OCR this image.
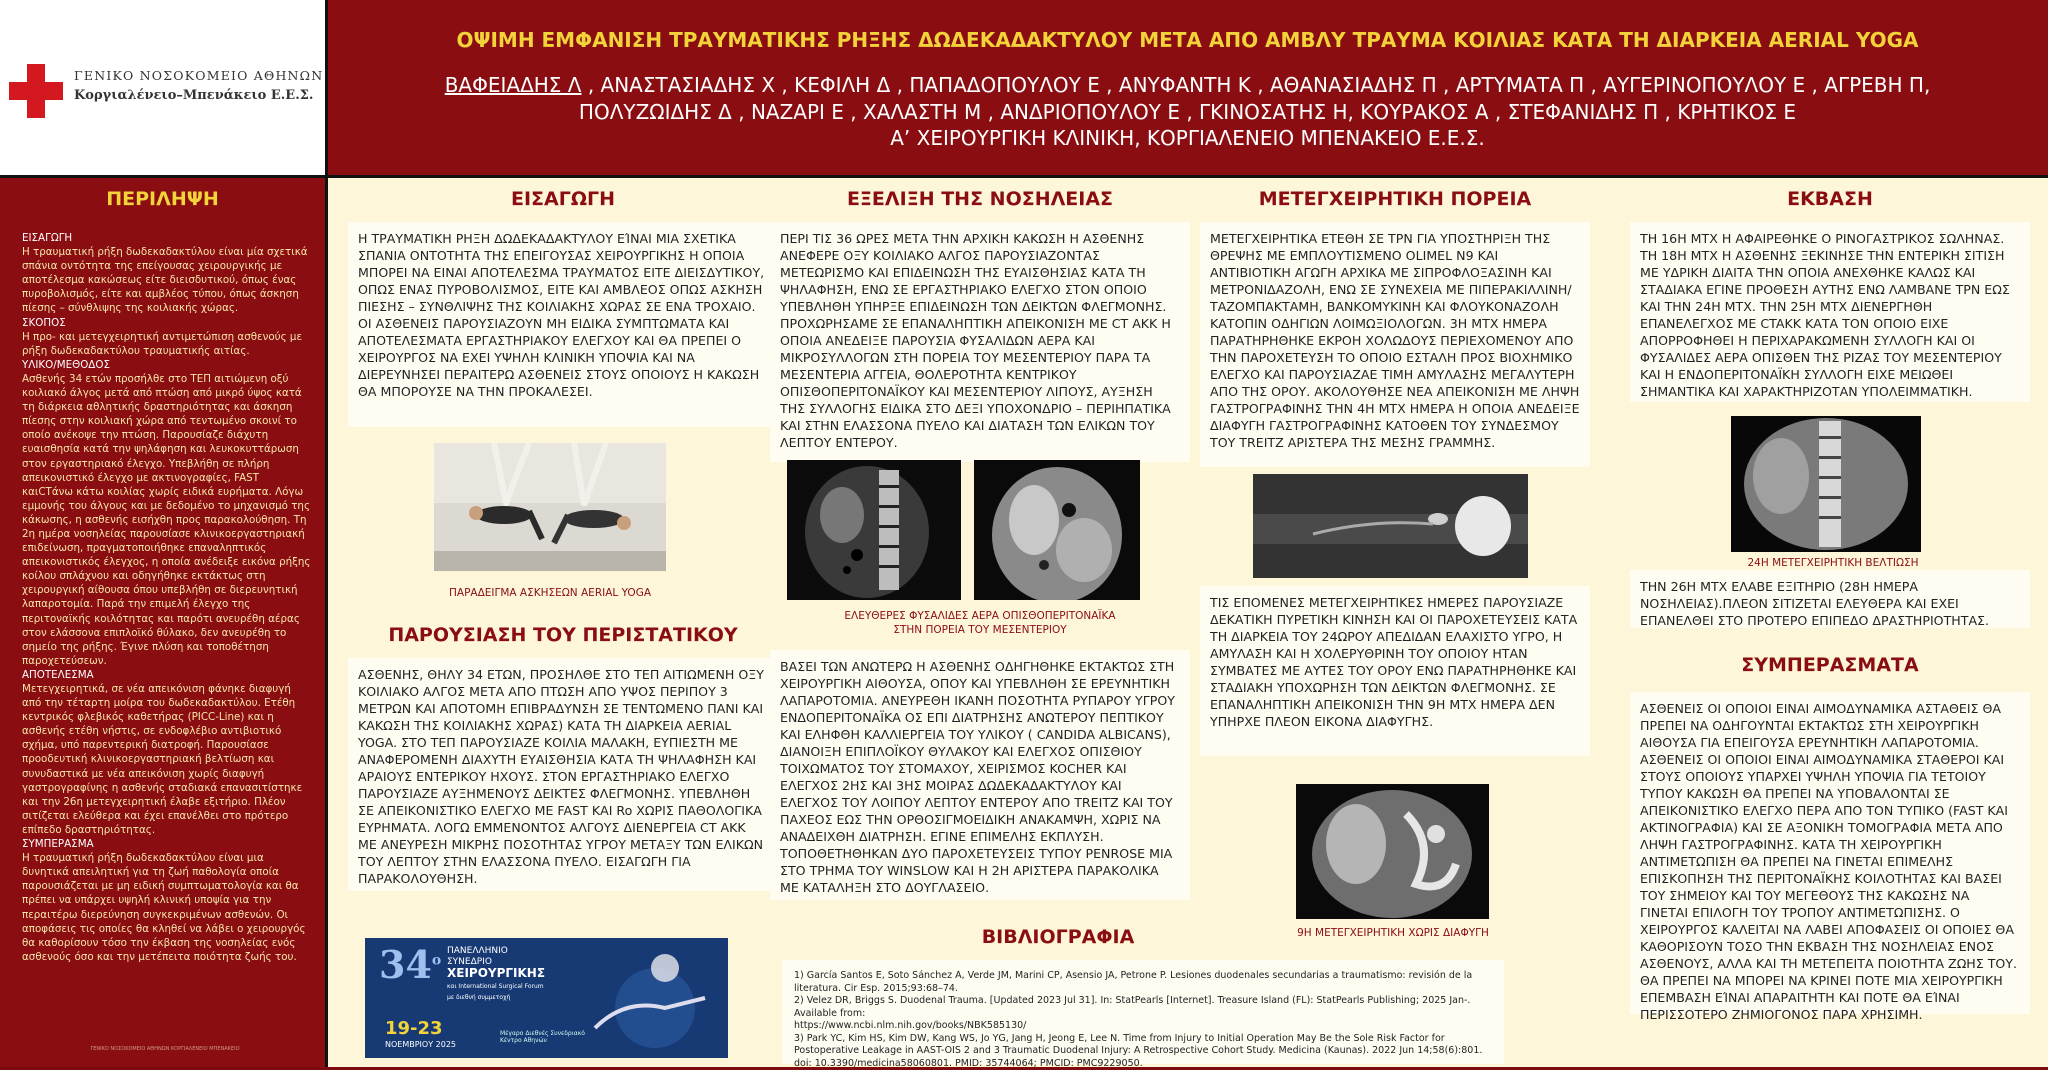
ΓΕΝΙΚΟ ΝΟΣΟΚΟΜΕΙΟ ΑΘΗΝΩΝ
Κοργιαλένειο–Μπενάκειο Ε.Ε.Σ.
ΟΨΙΜΗ ΕΜΦΑΝΙΣΗ ΤΡΑΥΜΑΤΙΚΗΣ ΡΗΞΗΣ ΔΩΔΕΚΑΔΑΚΤΥΛΟΥ ΜΕΤΑ ΑΠΟ ΑΜΒΛΥ ΤΡΑΥΜΑ ΚΟΙΛΙΑΣ ΚΑΤΑ ΤΗ ΔΙΑΡΚΕΙΑ AERIAL YOGA
ΒΑΦΕΙΑΔΗΣ Λ , ΑΝΑΣΤΑΣΙΑΔΗΣ Χ , ΚΕΦΙΛΗ Δ , ΠΑΠΑΔΟΠΟΥΛΟΥ Ε , ΑΝΥΦΑΝΤΗ Κ , ΑΘΑΝΑΣΙΑΔΗΣ Π , ΑΡΤΥΜΑΤΑ Π , ΑΥΓΕΡΙΝΟΠΟΥΛΟΥ Ε , ΑΓΡΕΒΗ Π,
ΠΟΛΥΖΩΙΔΗΣ Δ , ΝΑΖΑΡΙ Ε , ΧΑΛΑΣΤΗ Μ , ΑΝΔΡΙΟΠΟΥΛΟΥ Ε , ΓΚΙΝΟΣΑΤΗΣ Η, ΚΟΥΡΑΚΟΣ Α , ΣΤΕΦΑΝΙΔΗΣ Π , ΚΡΗΤΙΚΟΣ Ε
Α’ ΧΕΙΡΟΥΡΓΙΚΗ ΚΛΙΝΙΚΗ, ΚΟΡΓΙΑΛΕΝΕΙΟ ΜΠΕΝΑΚΕΙΟ Ε.Ε.Σ.
ΠΕΡΙΛΗΨΗ
ΕΙΣΑΓΩΓΗ
Η τραυματική ρήξη δωδεκαδακτύλου είναι μία σχετικά σπάνια οντότητα της επείγουσας χειρουργικής με αποτέλεσμα κακώσεως είτε διεισδυτικού, όπως ένας πυροβολισμός, είτε και αμβλέος τύπου, όπως άσκηση πίεσης – σύνθλιψης της κοιλιακής χώρας.
ΣΚΟΠΟΣ
Η προ- και μετεγχειρητική αντιμετώπιση ασθενούς με ρήξη δωδεκαδακτύλου τραυματικής αιτίας.
ΥΛΙΚΟ/ΜΕΘΟΔΟΣ
Ασθενής 34 ετών προσήλθε στο ΤΕΠ αιτιώμενη οξύ κοιλιακό άλγος μετά από πτώση από μικρό ύψος κατά τη διάρκεια αθλητικής δραστηριότητας και άσκηση πίεσης στην κοιλιακή χώρα από τεντωμένο σκοινί το οποίο ανέκοψε την πτώση. Παρουσίαζε διάχυτη ευαισθησία κατά την ψηλάφηση και λευκοκυττάρωση στον εργαστηριακό έλεγχο. Υπεβλήθη σε πλήρη απεικονιστικό έλεγχο με ακτινογραφίες, FAST καιCTάνω κάτω κοιλίας χωρίς ειδικά ευρήματα. Λόγω εμμονής του άλγους και με δεδομένο το μηχανισμό της κάκωσης, η ασθενής εισήχθη προς παρακολούθηση. Τη 2η ημέρα νοσηλείας παρουσίασε κλινικοεργαστηριακή επιδείνωση, πραγματοποιήθηκε επαναληπτικός απεικονιστικός έλεγχος, η οποία ανέδειξε εικόνα ρήξης κοίλου σπλάχνου και οδηγήθηκε εκτάκτως στη χειρουργική αίθουσα όπου υπεβλήθη σε διερευνητική λαπαροτομία. Παρά την επιμελή έλεγχο της περιτοναϊκής κοιλότητας και παρότι ανευρέθη αέρας στον ελάσσονα επιπλοϊκό θύλακο, δεν ανευρέθη το σημείο της ρήξης. Έγινε πλύση και τοποθέτηση παροχετεύσεων.
ΑΠΟΤΕΛΕΣΜΑ
Μετεγχειρητικά, σε νέα απεικόνιση φάνηκε διαφυγή από την τέταρτη μοίρα του δωδεκαδακτύλου. Ετέθη κεντρικός φλεβικός καθετήρας (PICC-Line) και η ασθενής ετέθη νήστις, σε ενδοφλέβιο αντιβιοτικό σχήμα, υπό παρεντερική διατροφή. Παρουσίασε προοδευτική κλινικοεργαστηριακή βελτίωση και συνυδαστικά με νέα απεικόνιση χωρίς διαφυγή γαστρογραφίνης η ασθενής σταδιακά επανασιτίστηκε και την 26η μετεγχειρητική έλαβε εξιτήριο. Πλέον σιτίζεται ελεύθερα και έχει επανέλθει στο πρότερο επίπεδο δραστηριότητας.
ΣΥΜΠΕΡΑΣΜΑ
Η τραυματική ρήξη δωδεκαδακτύλου είναι μια δυνητικά απειλητική για τη ζωή παθολογία οποία παρουσιάζεται με μη ειδική συμπτωματολογία και θα πρέπει να υπάρχει υψηλή κλινική υποψία για την περαιτέρω διερεύνηση συγκεκριμένων ασθενών. Οι αποφάσεις τις οποίες θα κληθεί να λάβει ο χειρουργός θα καθορίσουν τόσο την έκβαση της νοσηλείας ενός ασθενούς όσο και την μετέπειτα ποιότητα ζωής του.
ΓΕΝΙΚΟ ΝΟΣΟΚΟΜΕΙΟ ΑΘΗΝΩΝ ΚΟΡΓΙΑΛΕΝΕΙΟ ΜΠΕΝΑΚΕΙΟ
ΕΙΣΑΓΩΓΗ
Η ΤΡΑΥΜΑΤΙΚΗ ΡΗΞΗ ΔΩΔΕΚΑΔΑΚΤΥΛΟΥ ΕΊΝΑΙ ΜΙΑ ΣΧΕΤΙΚΑ ΣΠΑΝΙΑ ΟΝΤΟΤΗΤΑ ΤΗΣ ΕΠΕΙΓΟΥΣΑΣ ΧΕΙΡΟΥΡΓΙΚΗΣ Η ΟΠΟΙΑ ΜΠΟΡΕΙ ΝΑ ΕΙΝΑΙ ΑΠΟΤΕΛΕΣΜΑ ΤΡΑΥΜΑΤΟΣ ΕΙΤΕ ΔΙΕΙΣΔΥΤΙΚΟΥ, ΟΠΩΣ ΕΝΑΣ ΠΥΡΟΒΟΛΙΣΜΟΣ, ΕΙΤΕ ΚΑΙ ΑΜΒΛΕΟΣ ΟΠΩΣ ΑΣΚΗΣΗ ΠΙΕΣΗΣ – ΣΥΝΘΛΙΨΗΣ ΤΗΣ ΚΟΙΛΙΑΚΗΣ ΧΩΡΑΣ ΣΕ ΕΝΑ ΤΡΟΧΑΙΟ. ΟΙ ΑΣΘΕΝΕΙΣ ΠΑΡΟΥΣΙΑΖΟΥΝ ΜΗ ΕΙΔΙΚΑ ΣΥΜΠΤΩΜΑΤΑ ΚΑΙ ΑΠΟΤΕΛΕΣΜΑΤΑ ΕΡΓΑΣΤΗΡΙΑΚΟΥ ΕΛΕΓΧΟΥ ΚΑΙ ΘΑ ΠΡΕΠΕΙ Ο ΧΕΙΡΟΥΡΓΟΣ ΝΑ ΕΧΕΙ ΥΨΗΛΗ ΚΛΙΝΙΚΗ ΥΠΟΨΙΑ ΚΑΙ ΝΑ ΔΙΕΡΕΥΝΗΣΕΙ ΠΕΡΑΙΤΕΡΩ ΑΣΘΕΝΕΙΣ ΣΤΟΥΣ ΟΠΟΙΟΥΣ Η ΚΑΚΩΣΗ ΘΑ ΜΠΟΡΟΥΣΕ ΝΑ ΤΗΝ ΠΡΟΚΑΛΕΣΕΙ.
ΠΑΡΑΔΕΙΓΜΑ ΑΣΚΗΣΕΩΝ AERIAL YOGA
ΠΑΡΟΥΣΙΑΣΗ ΤΟΥ ΠΕΡΙΣΤΑΤΙΚΟΥ
ΑΣΘΕΝΗΣ, ΘΗΛΥ 34 ΕΤΩΝ, ΠΡΟΣΗΛΘΕ ΣΤΟ ΤΕΠ ΑΙΤΙΩΜΕΝΗ ΟΞΥ ΚΟΙΛΙΑΚΟ ΑΛΓΟΣ ΜΕΤΑ ΑΠΟ ΠΤΩΣΗ ΑΠΟ ΥΨΟΣ ΠΕΡΙΠΟΥ 3 ΜΕΤΡΩΝ ΚΑΙ ΑΠΟΤΟΜΗ ΕΠΙΒΡΑΔΥΝΣΗ ΣΕ ΤΕΝΤΩΜΕΝΟ ΠΑΝΙ ΚΑΙ ΚΑΚΩΣΗ ΤΗΣ ΚΟΙΛΙΑΚΗΣ ΧΩΡΑΣ) ΚΑΤΑ ΤΗ ΔΙΑΡΚΕΙΑ AERIAL YOGA. ΣΤΟ ΤΕΠ ΠΑΡΟΥΣΙΑΖΕ ΚΟΙΛΙΑ ΜΑΛΑΚΗ, ΕΥΠΙΕΣΤΗ ΜΕ ΑΝΑΦΕΡΟΜΕΝΗ ΔΙΑΧΥΤΗ ΕΥΑΙΣΘΗΣΙΑ ΚΑΤΑ ΤΗ ΨΗΛΑΦΗΣΗ ΚΑΙ ΑΡΑΙΟΥΣ ΕΝΤΕΡΙΚΟΥ ΗΧΟΥΣ. ΣΤΟΝ ΕΡΓΑΣΤΗΡΙΑΚΟ ΕΛΕΓΧΟ ΠΑΡΟΥΣΙΑΖΕ ΑΥΞΗΜΕΝΟΥΣ ΔΕΙΚΤΕΣ ΦΛΕΓΜΟΝΗΣ. ΥΠΕΒΛΗΘΗ ΣΕ ΑΠΕΙΚΟΝΙΣΤΙΚΟ ΕΛΕΓΧΟ ΜΕ FAST ΚΑΙ Ro ΧΩΡΙΣ ΠΑΘΟΛΟΓΙΚΑ ΕΥΡΗΜΑΤΑ. ΛΟΓΩ ΕΜΜΕΝΟΝΤΟΣ ΑΛΓΟΥΣ ΔΙΕΝΕΡΓΕΙΑ CT ΑΚΚ ΜΕ ΑΝΕΥΡΕΣΗ ΜΙΚΡΗΣ ΠΟΣΟΤΗΤΑΣ ΥΓΡΟΥ ΜΕΤΑΞΥ ΤΩΝ ΕΛΙΚΩΝ ΤΟΥ ΛΕΠΤΟΥ ΣΤΗΝ ΕΛΑΣΣΟΝΑ ΠΥΕΛΟ. ΕΙΣΑΓΩΓΗ ΓΙΑ ΠΑΡΑΚΟΛΟΥΘΗΣΗ.
$34^o$
ΠΑΝΕΛΛΗΝΙΟ
ΣΥΝΕΔΡΙΟ
ΧΕΙΡΟΥΡΓΙΚΗΣ
και International Surgical Forum
με διεθνή συμμετοχή
19-23
ΝΟΕΜΒΡΙΟΥ 2025
Μέγαρο Διεθνές Συνεδριακό Κέντρο Αθηνών
ΕΞΕΛΙΞΗ ΤΗΣ ΝΟΣΗΛΕΙΑΣ
ΠΕΡΙ ΤΙΣ 36 ΩΡΕΣ ΜΕΤΑ ΤΗΝ ΑΡΧΙΚΗ ΚΑΚΩΣΗ Η ΑΣΘΕΝΗΣ ΑΝΕΦΕΡΕ ΟΞΥ ΚΟΙΛΙΑΚΟ ΑΛΓΟΣ ΠΑΡΟΥΣΙΑΖΟΝΤΑΣ ΜΕΤΕΩΡΙΣΜΟ ΚΑΙ ΕΠΙΔΕΙΝΩΣΗ ΤΗΣ ΕΥΑΙΣΘΗΣΙΑΣ ΚΑΤΑ ΤΗ ΨΗΛΑΦΗΣΗ, ΕΝΩ ΣΕ ΕΡΓΑΣΤΗΡΙΑΚΟ ΕΛΕΓΧΟ ΣΤΟΝ ΟΠΟΙΟ ΥΠΕΒΛΗΘΗ ΥΠΗΡΞΕ ΕΠΙΔΕΙΝΩΣΗ ΤΩΝ ΔΕΙΚΤΩΝ ΦΛΕΓΜΟΝΗΣ. ΠΡΟΧΩΡΗΣΑΜΕ ΣΕ ΕΠΑΝΑΛΗΠΤΙΚΗ ΑΠΕΙΚΟΝΙΣΗ ΜΕ CT ΑΚΚ Η ΟΠΟΙΑ ΑΝΕΔΕΙΞΕ ΠΑΡΟΥΣΙΑ ΦΥΣΑΛΙΔΩΝ ΑΕΡΑ ΚΑΙ ΜΙΚΡΟΣΥΛΛΟΓΩΝ ΣΤΗ ΠΟΡΕΙΑ ΤΟΥ ΜΕΣΕΝΤΕΡΙΟΥ ΠΑΡΑ ΤΑ ΜΕΣΕΝΤΕΡΙΑ ΑΓΓΕΙΑ, ΘΟΛΕΡΟΤΗΤΑ ΚΕΝΤΡΙΚΟΥ ΟΠΙΣΘΟΠΕΡΙΤΟΝΑΪΚΟΥ ΚΑΙ ΜΕΣΕΝΤΕΡΙΟΥ ΛΙΠΟΥΣ, ΑΥΞΗΣΗ ΤΗΣ ΣΥΛΛΟΓΗΣ ΕΙΔΙΚΑ ΣΤΟ ΔΕΞΙ ΥΠΟΧΟΝΔΡΙΟ – ΠΕΡΙΗΠΑΤΙΚΑ ΚΑΙ ΣΤΗΝ ΕΛΑΣΣΟΝΑ ΠΥΕΛΟ ΚΑΙ ΔΙΑΤΑΣΗ ΤΩΝ ΕΛΙΚΩΝ ΤΟΥ ΛΕΠΤΟΥ ΕΝΤΕΡΟΥ.
ΕΛΕΥΘΕΡΕΣ ΦΥΣΑΛΙΔΕΣ ΑΕΡΑ ΟΠΙΣΘΟΠΕΡΙΤΟΝΑΪΚΑ
ΣΤΗΝ ΠΟΡΕΙΑ ΤΟΥ ΜΕΣΕΝΤΕΡΙΟΥ
ΒΑΣΕΙ ΤΩΝ ΑΝΩΤΕΡΩ Η ΑΣΘΕΝΗΣ ΟΔΗΓΗΘΗΚΕ ΕΚΤΑΚΤΩΣ ΣΤΗ ΧΕΙΡΟΥΡΓΙΚΗ ΑΙΘΟΥΣΑ, ΟΠΟΥ ΚΑΙ ΥΠΕΒΛΗΘΗ ΣΕ ΕΡΕΥΝΗΤΙΚΗ ΛΑΠΑΡΟΤΟΜΙΑ. ΑΝΕΥΡΕΘΗ ΙΚΑΝΗ ΠΟΣΟΤΗΤΑ ΡΥΠΑΡΟΥ ΥΓΡΟΥ ΕΝΔΟΠΕΡΙΤΟΝΑΪΚΑ ΟΣ ΕΠΙ ΔΙΑΤΡΗΣΗΣ ΑΝΩΤΕΡΟΥ ΠΕΠΤΙΚΟΥ ΚΑΙ ΕΛΗΦΘΗ ΚΑΛΛΙΕΡΓΕΙΑ ΤΟΥ ΥΛΙΚΟΥ ( CANDIDA ALBICANS), ΔΙΑΝΟΙΞΗ ΕΠΙΠΛΟΪΚΟΥ ΘΥΛΑΚΟΥ ΚΑΙ ΕΛΕΓΧΟΣ ΟΠΙΣΘΙΟΥ ΤΟΙΧΩΜΑΤΟΣ ΤΟΥ ΣΤΟΜΑΧΟΥ, ΧΕΙΡΙΣΜΟΣ KOCHER ΚΑΙ ΕΛΕΓΧΟΣ 2ΗΣ ΚΑΙ 3ΗΣ ΜΟΙΡΑΣ ΔΩΔΕΚΑΔΑΚΤΥΛΟΥ ΚΑΙ ΕΛΕΓΧΟΣ ΤΟΥ ΛΟΙΠΟΥ ΛΕΠΤΟΥ ΕΝΤΕΡΟΥ ΑΠΟ TREITZ ΚΑΙ ΤΟΥ ΠΑΧΕΟΣ ΕΩΣ ΤΗΝ ΟΡΘΟΣΙΓΜΟΕΙΔΙΚΗ ΑΝΑΚΑΜΨΗ, ΧΩΡΙΣ ΝΑ ΑΝΑΔΕΙΧΘΗ ΔΙΑΤΡΗΣΗ. ΕΓΙΝΕ ΕΠΙΜΕΛΗΣ ΕΚΠΛΥΣΗ. ΤΟΠΟΘΕΤΗΘΗΚΑΝ ΔΥΟ ΠΑΡΟΧΕΤΕΥΣΕΙΣ ΤΥΠΟΥ PENROSE ΜΙΑ ΣΤΟ ΤΡΗΜΑ ΤΟΥ WINSLOW ΚΑΙ Η 2Η ΑΡΙΣΤΕΡΑ ΠΑΡΑΚΟΛΙΚΑ ΜΕ ΚΑΤΑΛΗΞΗ ΣΤΟ ΔΟΥΓΛΑΣΕΙΟ.
ΒΙΒΛΙΟΓΡΑΦΙΑ
1) García Santos E, Soto Sánchez A, Verde JM, Marini CP, Asensio JA, Petrone P. Lesiones duodenales secundarias a traumatismo: revisión de la literatura. Cir Esp. 2015;93:68–74.
2) Velez DR, Briggs S. Duodenal Trauma. [Updated 2023 Jul 31]. In: StatPearls [Internet]. Treasure Island (FL): StatPearls Publishing; 2025 Jan-. Available from:
https://www.ncbi.nlm.nih.gov/books/NBK585130/
3) Park YC, Kim HS, Kim DW, Kang WS, Jo YG, Jang H, Jeong E, Lee N. Time from Injury to Initial Operation May Be the Sole Risk Factor for Postoperative Leakage in AAST-OIS 2 and 3 Traumatic Duodenal Injury: A Retrospective Cohort Study. Medicina (Kaunas). 2022 Jun 14;58(6):801. doi: 10.3390/medicina58060801. PMID: 35744064; PMCID: PMC9229050.
ΜΕΤΕΓΧΕΙΡΗΤΙΚΗ ΠΟΡΕΙΑ
ΜΕΤΕΓΧΕΙΡΗΤΙΚΑ ΕΤΕΘΗ ΣΕ TPN ΓΙΑ ΥΠΟΣΤΗΡΙΞΗ ΤΗΣ ΘΡΕΨΗΣ ΜΕ ΕΜΠΛΟΥΤΙΣΜΕΝΟ OLIMEL N9 ΚΑΙ ΑΝΤΙΒΙΟΤΙΚΗ ΑΓΩΓΗ ΑΡΧΙΚΑ ΜΕ ΣΙΠΡΟΦΛΟΞΑΣΙΝΗ ΚΑΙ ΜΕΤΡΟΝΙΔΑΖΟΛΗ, ΕΝΩ ΣΕ ΣΥΝΕΧΕΙΑ ΜΕ ΠΙΠΕΡΑΚΙΛΛΙΝΗ/ΤΑΖΟΜΠΑΚΤΑΜΗ, ΒΑΝΚΟΜΥΚΙΝΗ ΚΑΙ ΦΛΟΥΚΟΝΑΖΟΛΗ ΚΑΤΟΠΙΝ ΟΔΗΓΙΩΝ ΛΟΙΜΩΞΙΟΛΟΓΩΝ. 3Η ΜΤΧ ΗΜΕΡΑ ΠΑΡΑΤΗΡΗΘΗΚΕ ΕΚΡΟΗ ΧΟΛΩΔΟΥΣ ΠΕΡΙΕΧΟΜΕΝΟΥ ΑΠΟ ΤΗΝ ΠΑΡΟΧΕΤΕΥΣΗ ΤΟ ΟΠΟΙΟ ΕΣΤΑΛΗ ΠΡΟΣ ΒΙΟΧΗΜΙΚΟ ΕΛΕΓΧΟ ΚΑΙ ΠΑΡΟΥΣΙΑΖΑΕ ΤΙΜΗ ΑΜΥΛΑΣΗΣ ΜΕΓΑΛΥΤΕΡΗ ΑΠΟ ΤΗΣ ΟΡΟΥ. ΑΚΟΛΟΥΘΗΣΕ ΝΕΑ ΑΠΕΙΚΟΝΙΣΗ ΜΕ ΛΗΨΗ ΓΑΣΤΡΟΓΡΑΦΙΝΗΣ ΤΗΝ 4Η ΜΤΧ ΗΜΕΡΑ Η ΟΠΟΙΑ ΑΝΕΔΕΙΞΕ ΔΙΑΦΥΓΗ ΓΑΣΤΡΟΓΡΑΦΙΝΗΣ ΚΑΤΟΘΕΝ ΤΟΥ ΣΥΝΔΕΣΜΟΥ ΤΟΥ TREITZ ΑΡΙΣΤΕΡΑ ΤΗΣ ΜΕΣΗΣ ΓΡΑΜΜΗΣ.
ΤΙΣ ΕΠΟΜΕΝΕΣ ΜΕΤΕΓΧΕΙΡΗΤΙΚΕΣ ΗΜΕΡΕΣ ΠΑΡΟΥΣΙΑΖΕ ΔΕΚΑΤΙΚΗ ΠΥΡΕΤΙΚΗ ΚΙΝΗΣΗ ΚΑΙ ΟΙ ΠΑΡΟΧΕΤΕΥΣΕΙΣ ΚΑΤΑ ΤΗ ΔΙΑΡΚΕΙΑ ΤΟΥ 24ΩΡΟΥ ΑΠΕΔΙΔΑΝ ΕΛΑΧΙΣΤΟ ΥΓΡΟ, Η ΑΜΥΛΑΣΗ ΚΑΙ Η ΧΟΛΕΡΥΘΡΙΝΗ ΤΟΥ ΟΠΟΙΟΥ ΗΤΑΝ ΣΥΜΒΑΤΕΣ ΜΕ ΑΥΤΕΣ ΤΟΥ ΟΡΟΥ ΕΝΩ ΠΑΡΑΤΗΡΗΘΗΚΕ ΚΑΙ ΣΤΑΔΙΑΚΗ ΥΠΟΧΩΡΗΣΗ ΤΩΝ ΔΕΙΚΤΩΝ ΦΛΕΓΜΟΝΗΣ. ΣΕ ΕΠΑΝΑΛΗΠΤΙΚΗ ΑΠΕΙΚΟΝΙΣΗ ΤΗΝ 9Η ΜΤΧ ΗΜΕΡΑ ΔΕΝ ΥΠΗΡΧΕ ΠΛΕΟΝ ΕΙΚΟΝΑ ΔΙΑΦΥΓΗΣ.
9Η ΜΕΤΕΓΧΕΙΡΗΤΙΚΗ ΧΩΡΙΣ ΔΙΑΦΥΓΗ
ΕΚΒΑΣΗ
ΤΗ 16Η ΜΤΧ Η ΑΦΑΙΡΕΘΗΚΕ Ο ΡΙΝΟΓΑΣΤΡΙΚΟΣ ΣΩΛΗΝΑΣ. ΤΗ 18Η ΜΤΧ Η ΑΣΘΕΝΗΣ ΞΕΚΙΝΗΣΕ ΤΗΝ ΕΝΤΕΡΙΚΗ ΣΙΤΙΣΗ ΜΕ ΥΔΡΙΚΗ ΔΙΑΙΤΑ ΤΗΝ ΟΠΟΙΑ ΑΝΕΧΘΗΚΕ ΚΑΛΩΣ ΚΑΙ ΣΤΑΔΙΑΚΑ ΕΓΙΝΕ ΠΡΟΘΕΣΗ ΑΥΤΗΣ ΕΝΩ ΛΑΜΒΑΝΕ TPN ΕΩΣ ΚΑΙ ΤΗΝ 24Η ΜΤΧ. ΤΗΝ 25Η ΜΤΧ ΔΙΕΝΕΡΓΗΘΗ ΕΠΑΝΕΛΕΓΧΟΣ ΜΕ CTAKK ΚΑΤΑ ΤΟΝ ΟΠΟΙΟ ΕΙΧΕ ΑΠΟΡΡΟΦΗΘΕΙ Η ΠΕΡΙΧΑΡΑΚΩΜΕΝΗ ΣΥΛΛΟΓΗ ΚΑΙ ΟΙ ΦΥΣΑΛΙΔΕΣ ΑΕΡΑ ΟΠΙΣΘΕΝ ΤΗΣ ΡΙΖΑΣ ΤΟΥ ΜΕΣΕΝΤΕΡΙΟΥ ΚΑΙ Η ΕΝΔΟΠΕΡΙΤΟΝΑΪΚΗ ΣΥΛΛΟΓΗ ΕΙΧΕ ΜΕΙΩΘΕΙ ΣΗΜΑΝΤΙΚΑ ΚΑΙ ΧΑΡΑΚΤΗΡΙΖΟΤΑΝ ΥΠΟΛΕΙΜΜΑΤΙΚΗ.
24Η ΜΕΤΕΓΧΕΙΡΗΤΙΚΗ ΒΕΛΤΙΩΣΗ
ΤΗΝ 26Η ΜΤΧ ΕΛΑΒΕ ΕΞΙΤΗΡΙΟ (28Η ΗΜΕΡΑ ΝΟΣΗΛΕΙΑΣ).ΠΛΕΟΝ ΣΙΤΙΖΕΤΑΙ ΕΛΕΥΘΕΡΑ ΚΑΙ ΕΧΕΙ ΕΠΑΝΕΛΘΕΙ ΣΤΟ ΠΡΟΤΕΡΟ ΕΠΙΠΕΔΟ ΔΡΑΣΤΗΡΙΟΤΗΤΑΣ.
ΣΥΜΠΕΡΑΣΜΑΤΑ
ΑΣΘΕΝΕΙΣ ΟΙ ΟΠΟΙΟΙ ΕΙΝΑΙ ΑΙΜΟΔΥΝΑΜΙΚΑ ΑΣΤΑΘΕΙΣ ΘΑ ΠΡΕΠΕΙ ΝΑ ΟΔΗΓΟΥΝΤΑΙ ΕΚΤΑΚΤΩΣ ΣΤΗ ΧΕΙΡΟΥΡΓΙΚΗ ΑΙΘΟΥΣΑ ΓΙΑ ΕΠΕΙΓΟΥΣΑ ΕΡΕΥΝΗΤΙΚΗ ΛΑΠΑΡΟΤΟΜΙΑ. ΑΣΘΕΝΕΙΣ ΟΙ ΟΠΟΙΟΙ ΕΙΝΑΙ ΑΙΜΟΔΥΝΑΜΙΚΑ ΣΤΑΘΕΡΟΙ ΚΑΙ ΣΤΟΥΣ ΟΠΟΙΟΥΣ ΥΠΑΡΧΕΙ ΥΨΗΛΗ ΥΠΟΨΙΑ ΓΙΑ ΤΕΤΟΙΟΥ ΤΥΠΟΥ ΚΑΚΩΣΗ ΘΑ ΠΡΕΠΕΙ ΝΑ ΥΠΟΒΑΛΟΝΤΑΙ ΣΕ ΑΠΕΙΚΟΝΙΣΤΙΚΟ ΕΛΕΓΧΟ ΠΕΡΑ ΑΠΟ ΤΟΝ ΤΥΠΙΚΟ (FAST ΚΑΙ ΑΚΤΙΝΟΓΡΑΦΙΑ) ΚΑΙ ΣΕ ΑΞΟΝΙΚΗ ΤΟΜΟΓΡΑΦΙΑ ΜΕΤΑ ΑΠΟ ΛΗΨΗ ΓΑΣΤΡΟΓΡΑΦΙΝΗΣ. ΚΑΤΑ ΤΗ ΧΕΙΡΟΥΡΓΙΚΗ ΑΝΤΙΜΕΤΩΠΙΣΗ ΘΑ ΠΡΕΠΕΙ ΝΑ ΓΙΝΕΤΑΙ ΕΠΙΜΕΛΗΣ ΕΠΙΣΚΟΠΗΣΗ ΤΗΣ ΠΕΡΙΤΟΝΑΪΚΗΣ ΚΟΙΛΟΤΗΤΑΣ ΚΑΙ ΒΑΣΕΙ ΤΟΥ ΣΗΜΕΙΟΥ ΚΑΙ ΤΟΥ ΜΕΓΕΘΟΥΣ ΤΗΣ ΚΑΚΩΣΗΣ ΝΑ ΓΙΝΕΤΑΙ ΕΠΙΛΟΓΗ ΤΟΥ ΤΡΟΠΟΥ ΑΝΤΙΜΕΤΩΠΙΣΗΣ. Ο ΧΕΙΡΟΥΡΓΟΣ ΚΑΛΕΙΤΑΙ ΝΑ ΛΑΒΕΙ ΑΠΟΦΑΣΕΙΣ ΟΙ ΟΠΟΙΕΣ ΘΑ ΚΑΘΟΡΙΣΟΥΝ ΤΟΣΟ ΤΗΝ ΕΚΒΑΣΗ ΤΗΣ ΝΟΣΗΛΕΙΑΣ ΕΝΟΣ ΑΣΘΕΝΟΥΣ, ΑΛΛΑ ΚΑΙ ΤΗ ΜΕΤΕΠΕΙΤΑ ΠΟΙΟΤΗΤΑ ΖΩΗΣ ΤΟΥ. ΘΑ ΠΡΕΠΕΙ ΝΑ ΜΠΟΡΕΙ ΝΑ ΚΡΙΝΕΙ ΠΟΤΕ ΜΙΑ ΧΕΙΡΟΥΡΓΙΚΗ ΕΠΕΜΒΑΣΗ ΕΊΝΑΙ ΑΠΑΡΑΙΤΗΤΗ ΚΑΙ ΠΟΤΕ ΘΑ ΕΊΝΑΙ ΠΕΡΙΣΣΟΤΕΡΟ ΖΗΜΙΟΓΟΝΟΣ ΠΑΡΑ ΧΡΗΣΙΜΗ.
